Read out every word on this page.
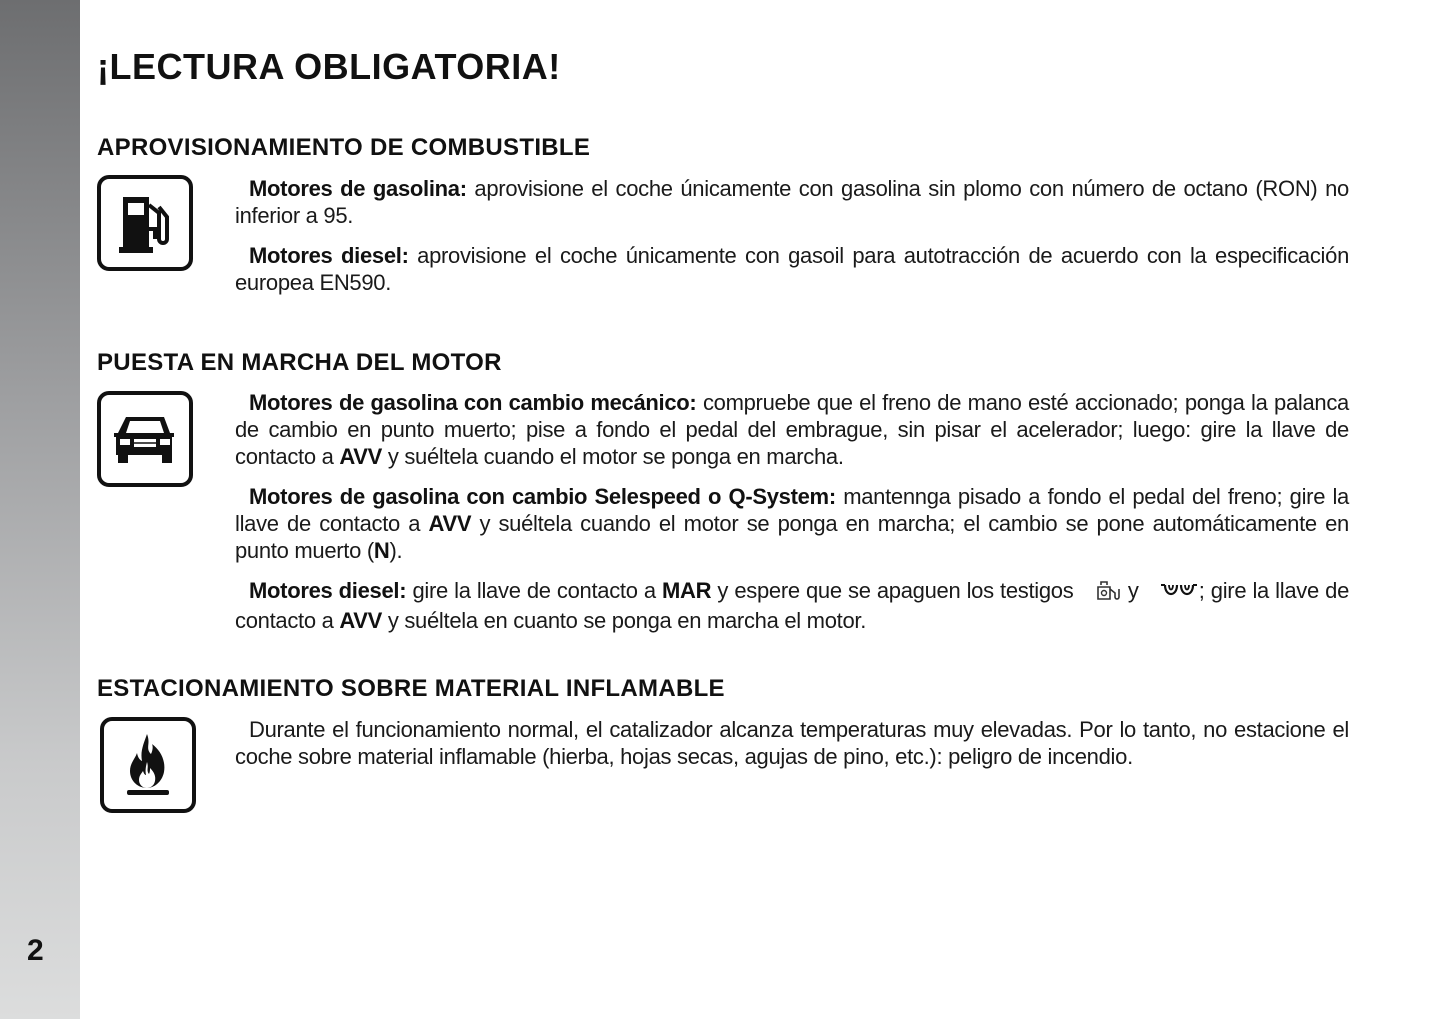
2
¡LECTURA OBLIGATORIA!
APROVISIONAMIENTO DE COMBUSTIBLE

Motores de gasolina: aprovisione el coche únicamente con gasolina sin plomo con número de octano (RON) no inferior a 95.

Motores diesel: aprovisione el coche únicamente con gasoil para autotracción de acuerdo con la especificación europea EN590.

PUESTA EN MARCHA DEL MOTOR

Motores de gasolina con cambio mecánico: compruebe que el freno de mano esté accionado; ponga la palanca de cambio en punto muerto; pise a fondo el pedal del embrague, sin pisar el acelerador; luego: gire la llave de contacto a AVV y suéltela cuando el motor se ponga en marcha.

Motores de gasolina con cambio Selespeed o Q-System: mantennga pisado a fondo el pedal del freno; gire la llave de contacto a AVV y suéltela cuando el motor se ponga en marcha; el cambio se pone automáticamente en punto muerto (N).

Motores diesel: gire la llave de contacto a MAR y espere que se apaguen los testigos  y ; gire la llave de contacto a AVV y suéltela en cuanto se ponga en marcha el motor.

ESTACIONAMIENTO SOBRE MATERIAL INFLAMABLE

Durante el funcionamiento normal, el catalizador alcanza temperaturas muy elevadas. Por lo tanto, no estacione el coche sobre material inflamable (hierba, hojas secas, agujas de pino, etc.): peligro de incendio.
